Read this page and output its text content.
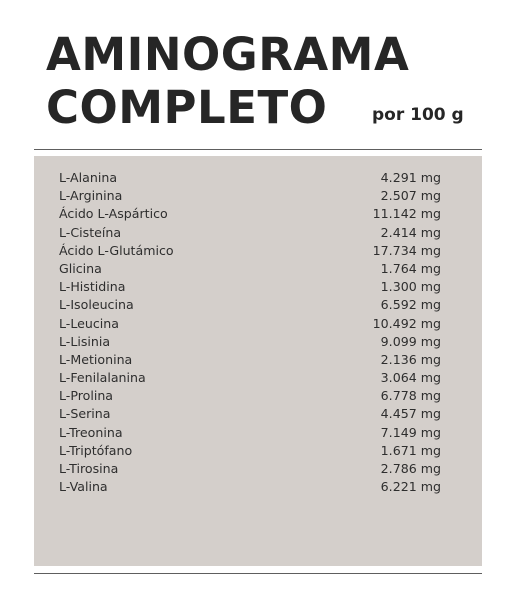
AMINOGRAMA
COMPLETO	por 100 g
L-Alanina	4.291 mg
L-Arginina	2.507 mg
Ácido L-Aspártico	11.142 mg
L-Cisteína	2.414 mg
Ácido L-Glutámico	17.734 mg
Glicina	1.764 mg
L-Histidina	1.300 mg
L-Isoleucina	6.592 mg
L-Leucina	10.492 mg
L-Lisinia	9.099 mg
L-Metionina	2.136 mg
L-Fenilalanina	3.064 mg
L-Prolina	6.778 mg
L-Serina	4.457 mg
L-Treonina	7.149 mg
L-Triptófano	1.671 mg
L-Tirosina	2.786 mg
L-Valina	6.221 mg
